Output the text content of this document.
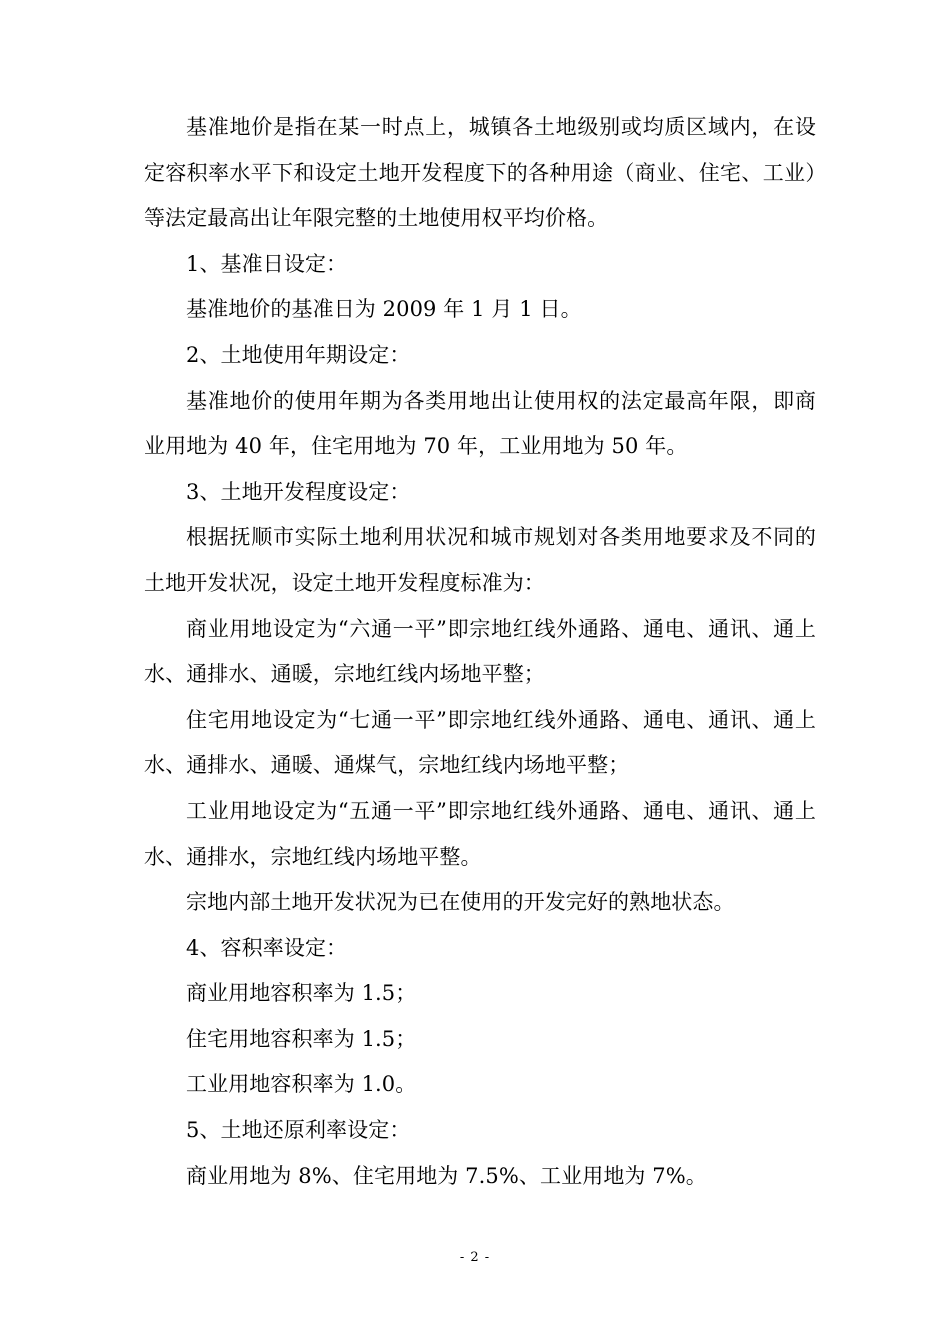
基准地价是指在某一时点上，城镇各土地级别或均质区域内，在设定容积率水平下和设定土地开发程度下的各种用途（商业、住宅、工业）等法定最高出让年限完整的土地使用权平均价格。

1、基准日设定：

基准地价的基准日为 2009 年 1 月 1 日。

2、土地使用年期设定：

基准地价的使用年期为各类用地出让使用权的法定最高年限，即商业用地为 40 年，住宅用地为 70 年，工业用地为 50 年。

3、土地开发程度设定：

根据抚顺市实际土地利用状况和城市规划对各类用地要求及不同的土地开发状况，设定土地开发程度标准为：

商业用地设定为“六通一平”即宗地红线外通路、通电、通讯、通上水、通排水、通暖，宗地红线内场地平整；

住宅用地设定为“七通一平”即宗地红线外通路、通电、通讯、通上水、通排水、通暖、通煤气，宗地红线内场地平整；

工业用地设定为“五通一平”即宗地红线外通路、通电、通讯、通上水、通排水，宗地红线内场地平整。

宗地内部土地开发状况为已在使用的开发完好的熟地状态。

4、容积率设定：

商业用地容积率为 1.5；

住宅用地容积率为 1.5；

工业用地容积率为 1.0。

5、土地还原利率设定：

商业用地为 8%、住宅用地为 7.5%、工业用地为 7%。

- 2 -
